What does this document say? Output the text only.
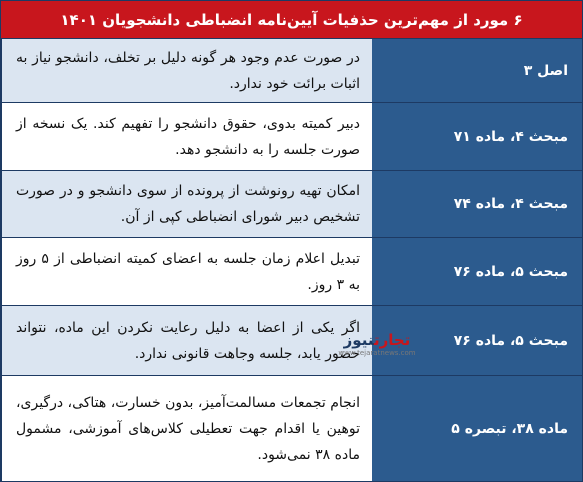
۶ مورد از مهم‌ترین حذفیات آیین‌نامه انضباطی دانشجویان ۱۴۰۱
اصل ۳
در صورت عدم وجود هر گونه دلیل بر تخلف، دانشجو نیاز به اثبات برائت خود ندارد.
مبحث ۴، ماده ۷۱
دبیر کمیته بدوی، حقوق دانشجو را تفهیم کند. یک نسخه از صورت جلسه را به دانشجو دهد.
مبحث ۴، ماده ۷۴
امکان تهیه رونوشت از پرونده از سوی دانشجو و در صورت تشخیص دبیر شورای انضباطی کپی از آن.
مبحث ۵، ماده ۷۶
تبدیل اعلام زمان جلسه به اعضای کمیته انضباطی از ۵ روز به ۳ روز.
مبحث ۵، ماده ۷۶
اگر یکی از اعضا به دلیل رعایت نکردن این ماده، نتواند حضور یابد، جلسه وجاهت قانونی ندارد.
ماده ۳۸، تبصره ۵
انجام تجمعات مسالمت‌آمیز، بدون خسارت، هتاکی، درگیری، توهین یا اقدام جهت تعطیلی کلاس‌های آموزشی، مشمول ماده ۳۸ نمی‌شود.
تجارتنیوز
www.tejaratnews.com
